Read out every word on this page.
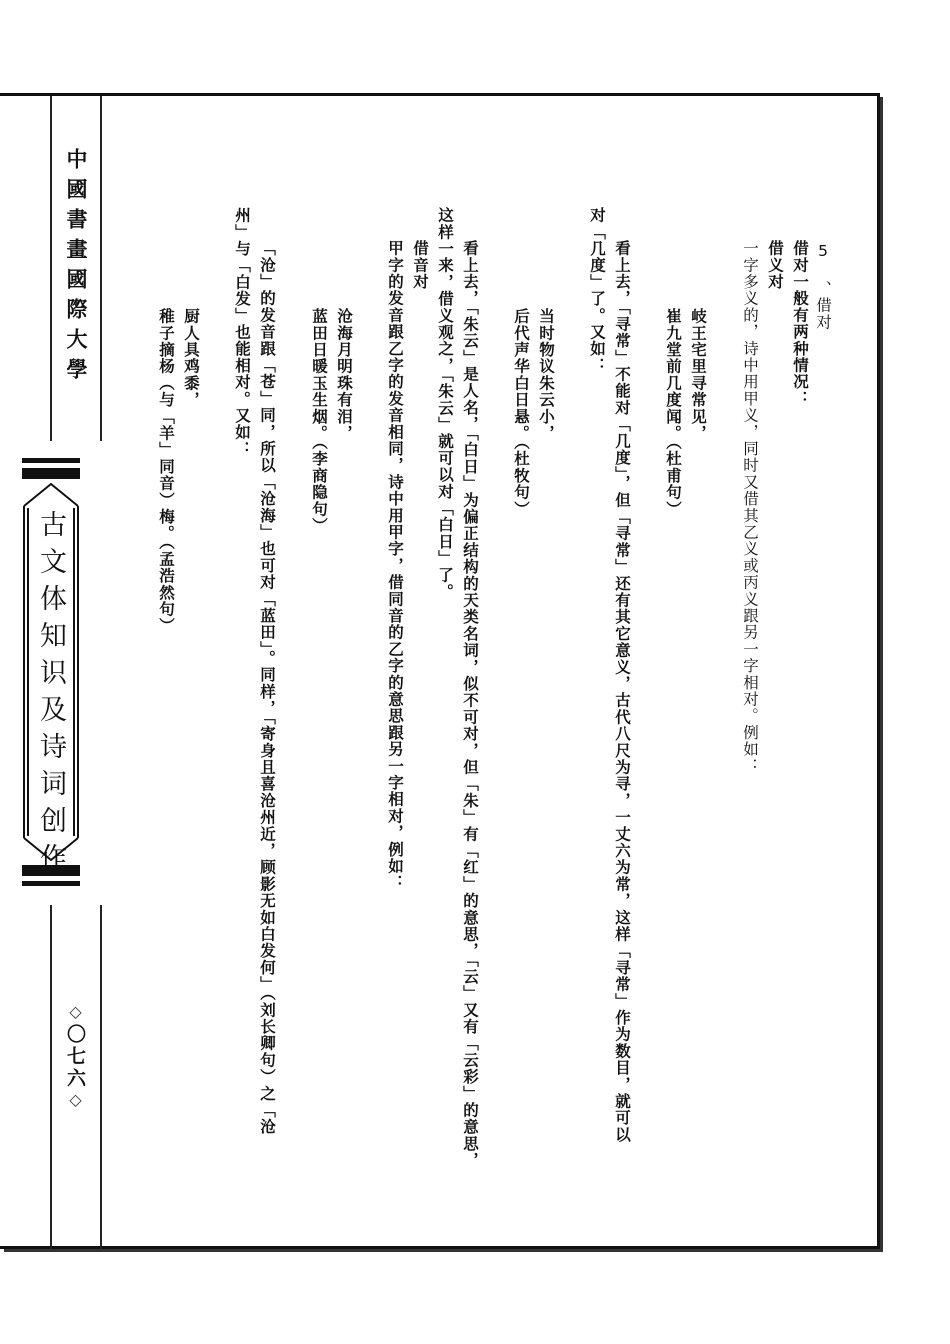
中國書畫國際大學
古文体知识及诗词创作
◇〇七六◇
5 、借对
借对一般有两种情况：
借义对
一字多义的，诗中用甲义，同时又借其乙义或丙义跟另一字相对。例如：
岐王宅里寻常见，
崔九堂前几度闻。（杜甫句）
看上去，「寻常」不能对「几度」，但「寻常」还有其它意义，古代八尺为寻，一丈六为常，这样「寻常」作为数目，就可以
对「几度」了。又如：
当时物议朱云小，
后代声华白日悬。（杜牧句）
看上去，「朱云」是人名，「白日」为偏正结构的天类名词，似不可对，但「朱」有「红」的意思，「云」又有「云彩」的意思，
这样一来，借义观之，「朱云」就可以对「白日」了。
借音对
甲字的发音跟乙字的发音相同，诗中用甲字，借同音的乙字的意思跟另一字相对，例如：
沧海月明珠有泪，
蓝田日暖玉生烟。（李商隐句）
「沧」的发音跟「苍」同，所以「沧海」也可对「蓝田」。同样，「寄身且喜沧州近，顾影无如白发何」（刘长卿句）之「沧
州」与「白发」也能相对。又如：
厨人具鸡黍，
稚子摘杨（与「羊」同音）梅。（孟浩然句）
